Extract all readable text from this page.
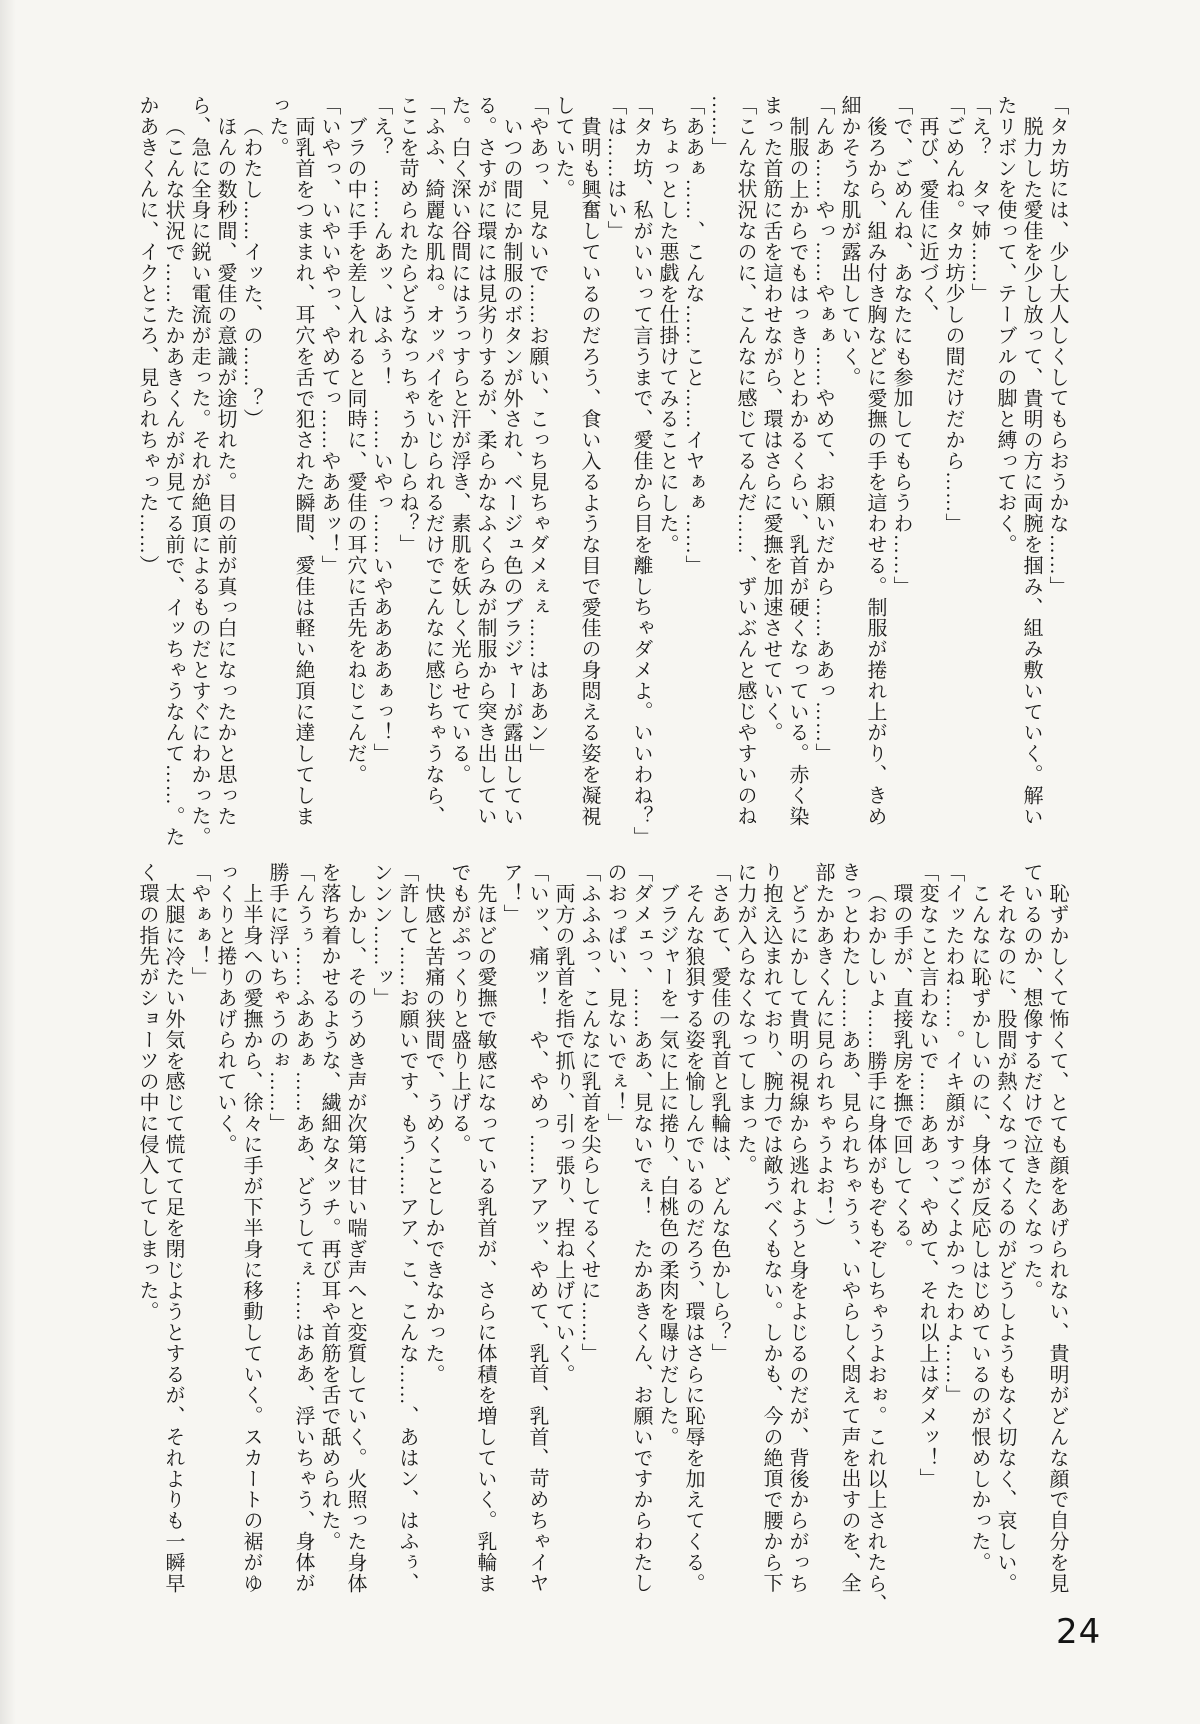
「タカ坊には、少し大人しくしてもらおうかな……」
脱力した愛佳を少し放って、貴明の方に両腕を掴み、組み敷いていく。解い
たリボンを使って、テーブルの脚と縛っておく。
「え？　タマ姉……」
「ごめんね。タカ坊少しの間だけだから……」
再び、愛佳に近づく、
「で、ごめんね、あなたにも参加してもらうわ……」
後ろから、組み付き胸などに愛撫の手を這わせる。制服が捲れ上がり、きめ
細かそうな肌が露出していく。
「んあ……やっ……やぁぁ……やめて、お願いだから……ああっ……」
制服の上からでもはっきりとわかるくらい、乳首が硬くなっている。赤く染
まった首筋に舌を這わせながら、環はさらに愛撫を加速させていく。
「こんな状況なのに、こんなに感じてるんだ……、ずいぶんと感じやすいのね
……」
「ああぁ……、こんな……こと……イヤぁぁ……」
ちょっとした悪戯を仕掛けてみることにした。
「タカ坊、私がいいって言うまで、愛佳から目を離しちゃダメよ。いいわね？」
「は……はい」
貴明も興奮しているのだろう、食い入るような目で愛佳の身悶える姿を凝視
していた。
「やあっ、見ないで……お願い、こっち見ちゃダメぇぇ……はああン」
いつの間にか制服のボタンが外され、ベージュ色のブラジャーが露出してい
る。さすがに環には見劣りするが、柔らかなふくらみが制服から突き出してい
た。白く深い谷間にはうっすらと汗が浮き、素肌を妖しく光らせている。
「ふふ、綺麗な肌ね。オッパイをいじられるだけでこんなに感じちゃうなら、
ここを苛められたらどうなっちゃうかしらね？」
「え？　……んあッ、はふぅ！　……いやっ……いやああああぁっ！」
ブラの中に手を差し入れると同時に、愛佳の耳穴に舌先をねじこんだ。
「いやっ、いやいやっ、やめてっ……やああッ！」
両乳首をつままれ、耳穴を舌で犯された瞬間、愛佳は軽い絶頂に達してしま
った。
（わたし……イッた、の……？）
ほんの数秒間、愛佳の意識が途切れた。目の前が真っ白になったかと思った
ら、急に全身に鋭い電流が走った。それが絶頂によるものだとすぐにわかった。
（こんな状況で……たかあきくんがが見てる前で、イッちゃうなんて……。た
かあきくんに、イクところ、見られちゃった……）
恥ずかしくて怖くて、とても顔をあげられない、貴明がどんな顔で自分を見
ているのか、想像するだけで泣きたくなった。
それなのに、股間が熱くなってくるのがどうしようもなく切なく、哀しい。
こんなに恥ずかしいのに、身体が反応しはじめているのが恨めしかった。
「イッたわね……。イキ顔がすっごくよかったわよ……」
「変なこと言わないで……ああっ、やめて、それ以上はダメッ！」
環の手が、直接乳房を撫で回してくる。
（おかしいよ……勝手に身体がもぞもぞしちゃうよおぉ。これ以上されたら、
きっとわたし……ああ、見られちゃうぅ、いやらしく悶えて声を出すのを、全
部たかあきくんに見られちゃうよお！）
どうにかして貴明の視線から逃れようと身をよじるのだが、背後からがっち
り抱え込まれており、腕力では敵うべくもない。しかも、今の絶頂で腰から下
に力が入らなくなってしまった。
「さあて、愛佳の乳首と乳輪は、どんな色かしら？」
そんな狼狽する姿を愉しんでいるのだろう、環はさらに恥辱を加えてくる。
ブラジャーを一気に上に捲り、白桃色の柔肉を曝けだした。
「ダメェっ、……ああ、見ないでぇ！　たかあきくん、お願いですからわたし
のおっぱい、見ないでぇ！」
「ふふふっ、こんなに乳首を尖らしてるくせに……」
両方の乳首を指で抓り、引っ張り、捏ね上げていく。
「いッ、痛ッ！　や、やめっ……アアッ、やめて、乳首、乳首、苛めちゃイヤ
ア！」
先ほどの愛撫で敏感になっている乳首が、さらに体積を増していく。乳輪ま
でもがぷっくりと盛り上げる。
快感と苦痛の狭間で、うめくことしかできなかった。
「許して……お願いです、もう……アア、こ、こんな……、あはン、はふぅ、
ンンン……ッ」
しかし、そのうめき声が次第に甘い喘ぎ声へと変質していく。火照った身体
を落ち着かせるような、繊細なタッチ。再び耳や首筋を舌で舐められた。
「んうぅ……ふああぁ……ああ、どうしてぇ……はああ、浮いちゃう、身体が
勝手に浮いちゃうのぉ……」
上半身への愛撫から、徐々に手が下半身に移動していく。スカートの裾がゆ
っくりと捲りあげられていく。
「やぁぁ！」
太腿に冷たい外気を感じて慌てて足を閉じようとするが、それよりも一瞬早
く環の指先がショーツの中に侵入してしまった。
24
